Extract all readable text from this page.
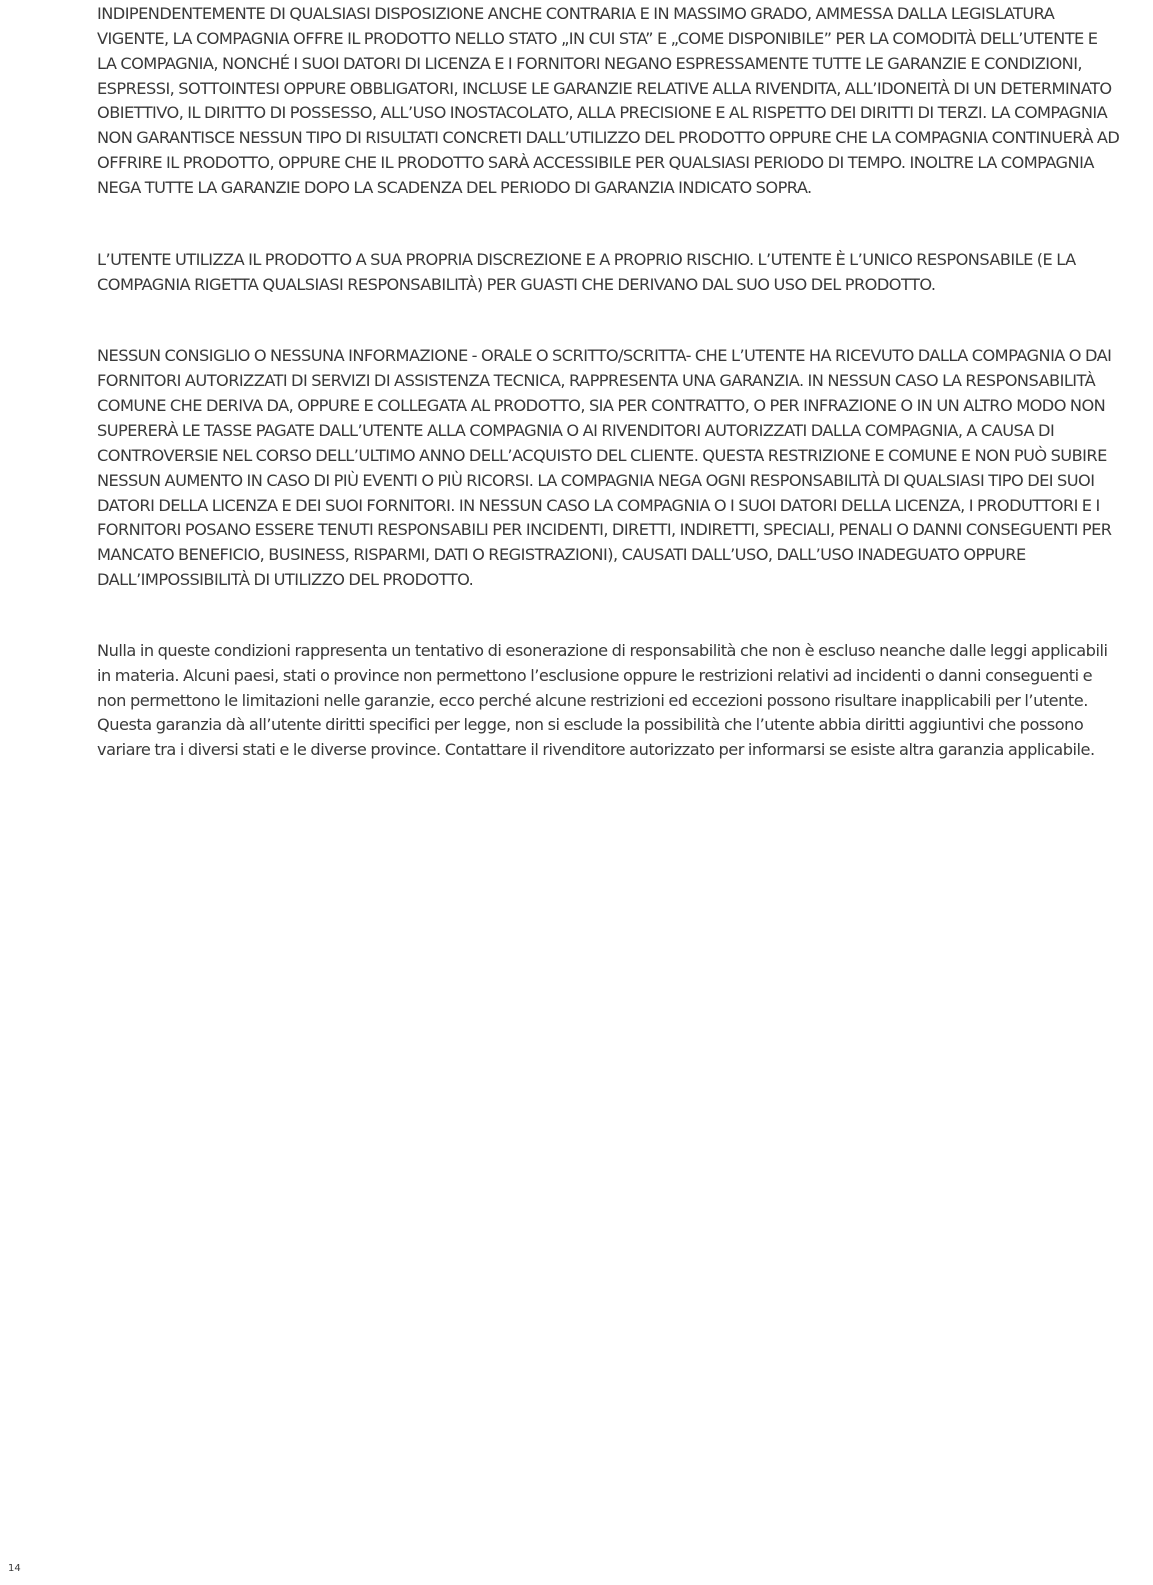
INDIPENDENTEMENTE DI QUALSIASI DISPOSIZIONE ANCHE CONTRARIA E IN MASSIMO GRADO, AMMESSA DALLA LEGISLATURA VIGENTE, LA COMPAGNIA OFFRE IL PRODOTTO NELLO STATO „IN CUI STA” E „COME DISPONIBILE” PER LA COMODITÀ DELL’UTENTE E LA COMPAGNIA, NONCHÉ I SUOI DATORI DI LICENZA E I FORNITORI NEGANO ESPRESSAMENTE TUTTE LE GARANZIE E CONDIZIONI, ESPRESSI, SOTTOINTESI OPPURE OBBLIGATORI, INCLUSE LE GARANZIE RELATIVE ALLA RIVENDITA, ALL’IDONEITÀ DI UN DETERMINATO OBIETTIVO, IL DIRITTO DI POSSESSO, ALL’USO INOSTACOLATO, ALLA PRECISIONE E AL RISPETTO DEI DIRITTI DI TERZI. LA COMPAGNIA NON GARANTISCE NESSUN TIPO DI RISULTATI CONCRETI DALL’UTILIZZO DEL PRODOTTO OPPURE CHE LA COMPAGNIA CONTINUERÀ AD OFFRIRE IL PRODOTTO, OPPURE CHE IL PRODOTTO SARÀ ACCESSIBILE PER QUALSIASI PERIODO DI TEMPO. INOLTRE LA COMPAGNIA NEGA TUTTE LA GARANZIE DOPO LA SCADENZA DEL PERIODO DI GARANZIA INDICATO SOPRA.

L’UTENTE UTILIZZA IL PRODOTTO A SUA PROPRIA DISCREZIONE E A PROPRIO RISCHIO. L’UTENTE È L’UNICO RESPONSABILE (E LA COMPAGNIA RIGETTA QUALSIASI RESPONSABILITÀ) PER GUASTI CHE DERIVANO DAL SUO USO DEL PRODOTTO.

NESSUN CONSIGLIO O NESSUNA INFORMAZIONE - ORALE O SCRITTO/SCRITTA- CHE L’UTENTE HA RICEVUTO DALLA COMPAGNIA O DAI FORNITORI AUTORIZZATI DI SERVIZI DI ASSISTENZA TECNICA, RAPPRESENTA UNA GARANZIA. IN NESSUN CASO LA RESPONSABILITÀ COMUNE CHE DERIVA DA, OPPURE E COLLEGATA AL PRODOTTO, SIA PER CONTRATTO, O PER INFRAZIONE O IN UN ALTRO MODO NON SUPERERÀ LE TASSE PAGATE DALL’UTENTE ALLA COMPAGNIA O AI RIVENDITORI AUTORIZZATI DALLA COMPAGNIA, A CAUSA DI CONTROVERSIE NEL CORSO DELL’ULTIMO ANNO DELL’ACQUISTO DEL CLIENTE. QUESTA RESTRIZIONE E COMUNE E NON PUÒ SUBIRE NESSUN AUMENTO IN CASO DI PIÙ EVENTI O PIÙ RICORSI. LA COMPAGNIA NEGA OGNI RESPONSABILITÀ DI QUALSIASI TIPO DEI SUOI DATORI DELLA LICENZA E DEI SUOI FORNITORI. IN NESSUN CASO LA COMPAGNIA O I SUOI DATORI DELLA LICENZA, I PRODUTTORI E I FORNITORI POSANO ESSERE TENUTI RESPONSABILI PER INCIDENTI, DIRETTI, INDIRETTI, SPECIALI, PENALI O DANNI CONSEGUENTI PER MANCATO BENEFICIO, BUSINESS, RISPARMI, DATI O REGISTRAZIONI), CAUSATI DALL’USO, DALL’USO INADEGUATO OPPURE DALL’IMPOSSIBILITÀ DI UTILIZZO DEL PRODOTTO.

Nulla in queste condizioni rappresenta un tentativo di esonerazione di responsabilità che non è escluso neanche dalle leggi applicabili in materia. Alcuni paesi, stati o province non permettono l’esclusione oppure le restrizioni relativi ad incidenti o danni conseguenti e non permettono le limitazioni nelle garanzie, ecco perché alcune restrizioni ed eccezioni possono risultare inapplicabili per l’utente. Questa garanzia dà all’utente diritti specifici per legge, non si esclude la possibilità che l’utente abbia diritti aggiuntivi che possono variare tra i diversi stati e le diverse province. Contattare il rivenditore autorizzato per informarsi se esiste altra garanzia applicabile.

14
